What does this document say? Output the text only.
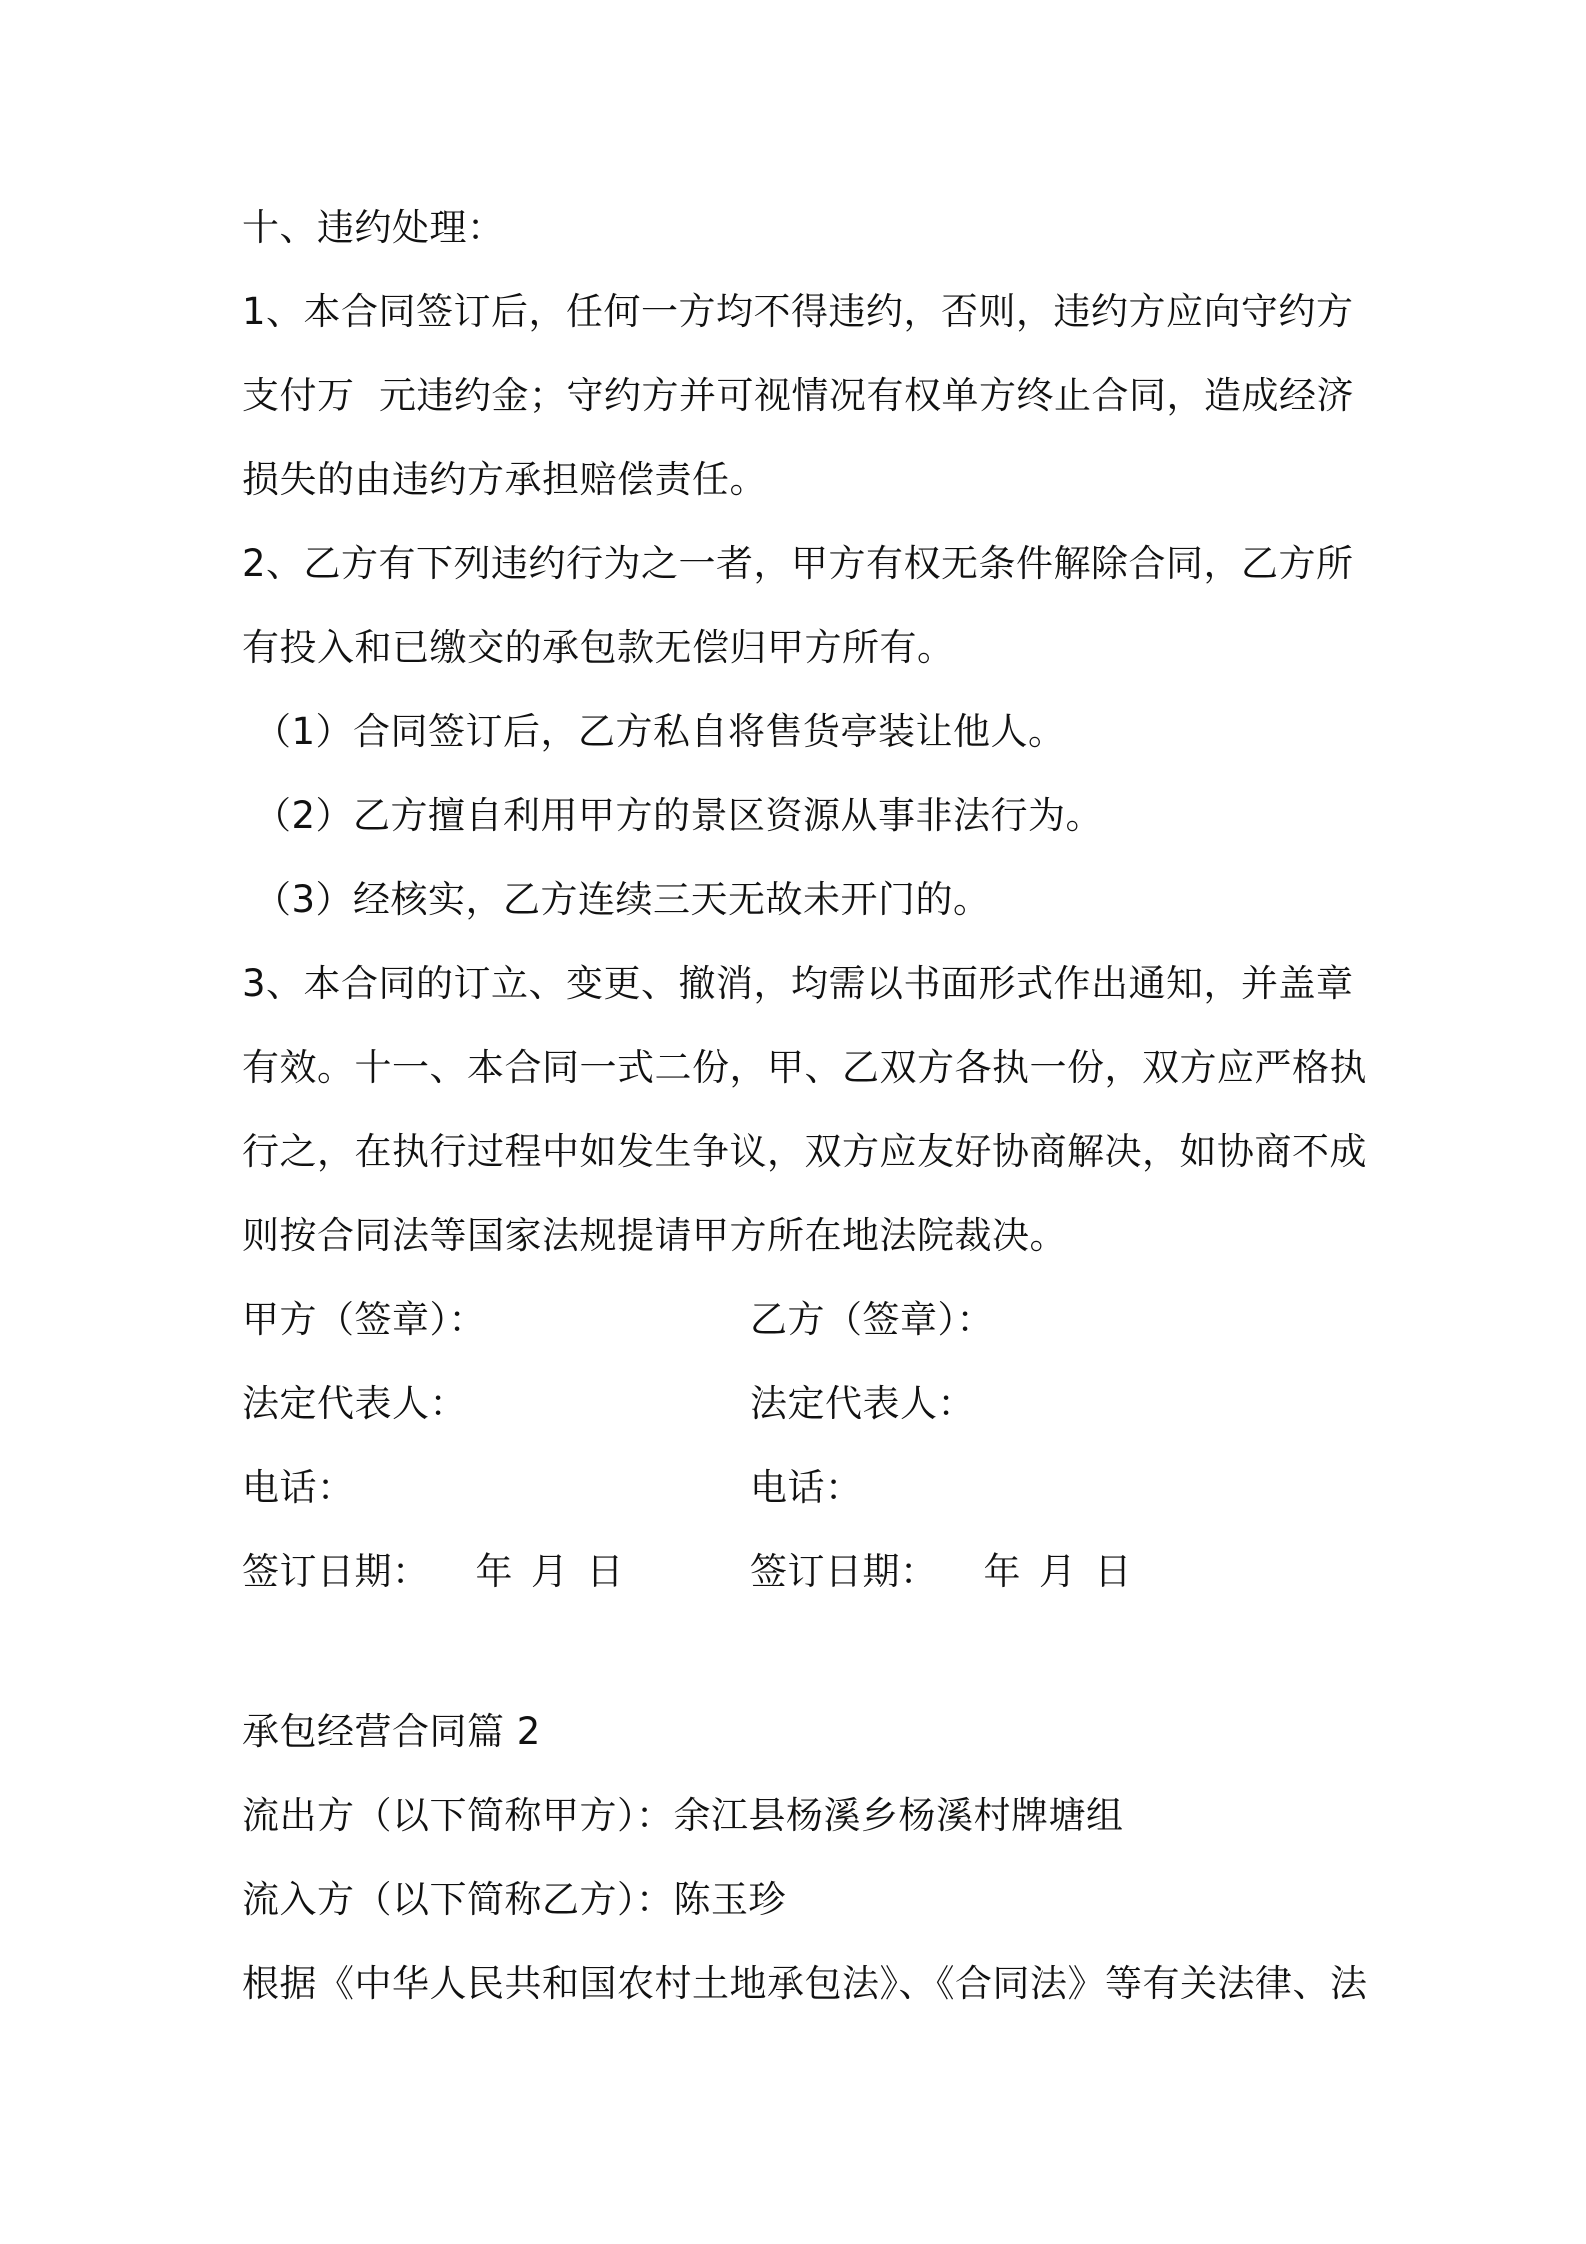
十、违约处理：
1、本合同签订后，任何一方均不得违约，否则，违约方应向守约方
支付万  元违约金；守约方并可视情况有权单方终止合同，造成经济
损失的由违约方承担赔偿责任。
2、乙方有下列违约行为之一者，甲方有权无条件解除合同，乙方所
有投入和已缴交的承包款无偿归甲方所有。
（1）合同签订后，乙方私自将售货亭装让他人。
（2）乙方擅自利用甲方的景区资源从事非法行为。
（3）经核实，乙方连续三天无故未开门的。
3、本合同的订立、变更、撤消，均需以书面形式作出通知，并盖章
有效。十一、本合同一式二份，甲、乙双方各执一份，双方应严格执
行之，在执行过程中如发生争议，双方应友好协商解决，如协商不成
则按合同法等国家法规提请甲方所在地法院裁决。
甲方（签章）：	乙方（签章）：
法定代表人：	法定代表人：
电话：	电话：
签订日期： 年 月 日	签订日期： 年 月 日
承包经营合同篇 2
流出方（以下简称甲方）：余江县杨溪乡杨溪村牌塘组
流入方（以下简称乙方）：陈玉珍
根据《中华人民共和国农村土地承包法》、《合同法》等有关法律、法
